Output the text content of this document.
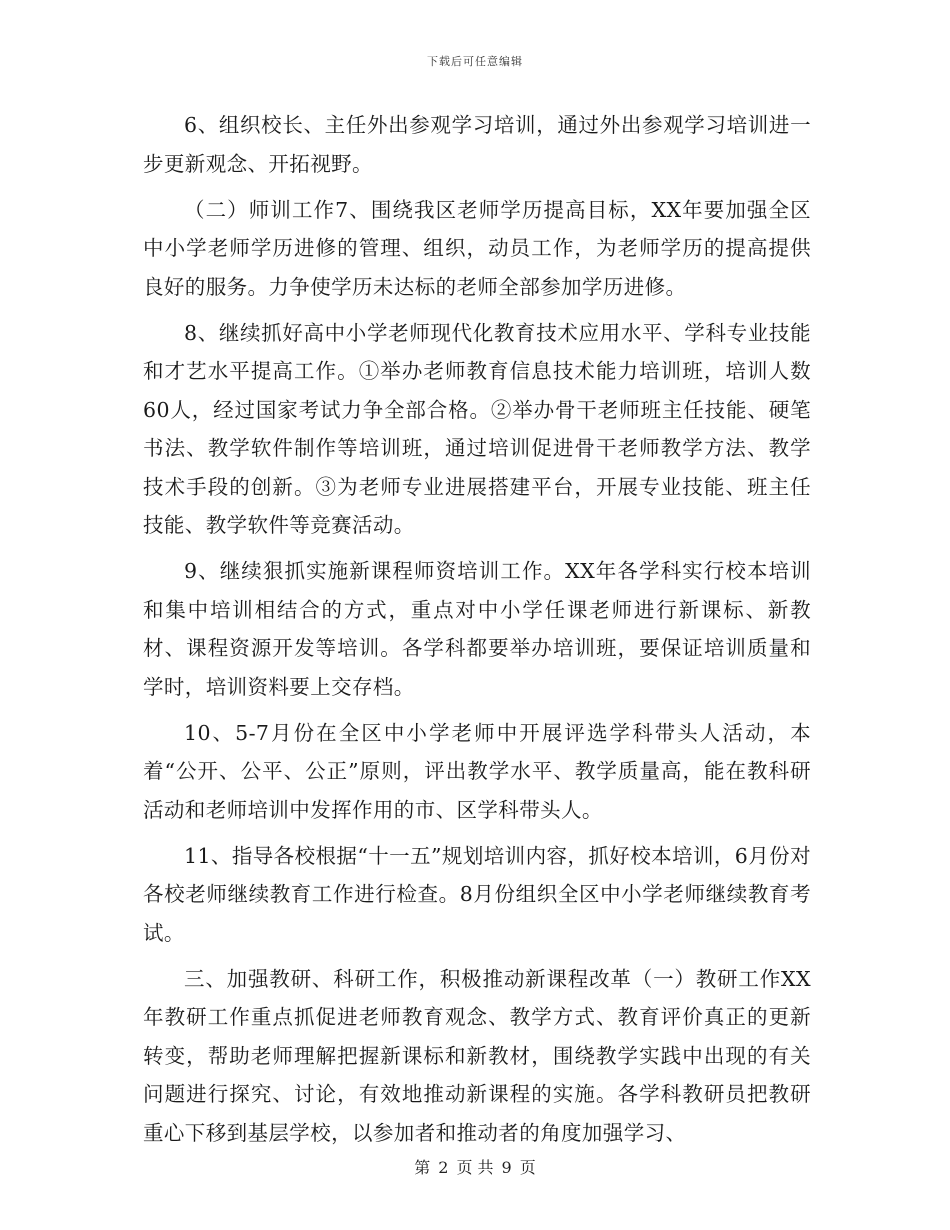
下载后可任意编辑

6、组织校长、主任外出参观学习培训，通过外出参观学习培训进一步更新观念、开拓视野。

（二）师训工作7、围绕我区老师学历提高目标，XX年要加强全区中小学老师学历进修的管理、组织，动员工作，为老师学历的提高提供良好的服务。力争使学历未达标的老师全部参加学历进修。

8、继续抓好高中小学老师现代化教育技术应用水平、学科专业技能和才艺水平提高工作。①举办老师教育信息技术能力培训班，培训人数60人，经过国家考试力争全部合格。②举办骨干老师班主任技能、硬笔书法、教学软件制作等培训班，通过培训促进骨干老师教学方法、教学技术手段的创新。③为老师专业进展搭建平台，开展专业技能、班主任技能、教学软件等竞赛活动。

9、继续狠抓实施新课程师资培训工作。XX年各学科实行校本培训和集中培训相结合的方式，重点对中小学任课老师进行新课标、新教材、课程资源开发等培训。各学科都要举办培训班，要保证培训质量和学时，培训资料要上交存档。

10、5-7月份在全区中小学老师中开展评选学科带头人活动，本着“公开、公平、公正”原则，评出教学水平、教学质量高，能在教科研活动和老师培训中发挥作用的市、区学科带头人。

11、指导各校根据“十一五”规划培训内容，抓好校本培训，6月份对各校老师继续教育工作进行检查。8月份组织全区中小学老师继续教育考试。

三、加强教研、科研工作，积极推动新课程改革（一）教研工作XX年教研工作重点抓促进老师教育观念、教学方式、教育评价真正的更新转变，帮助老师理解把握新课标和新教材，围绕教学实践中出现的有关问题进行探究、讨论，有效地推动新课程的实施。各学科教研员把教研重心下移到基层学校，以参加者和推动者的角度加强学习、

第 2 页 共 9 页
